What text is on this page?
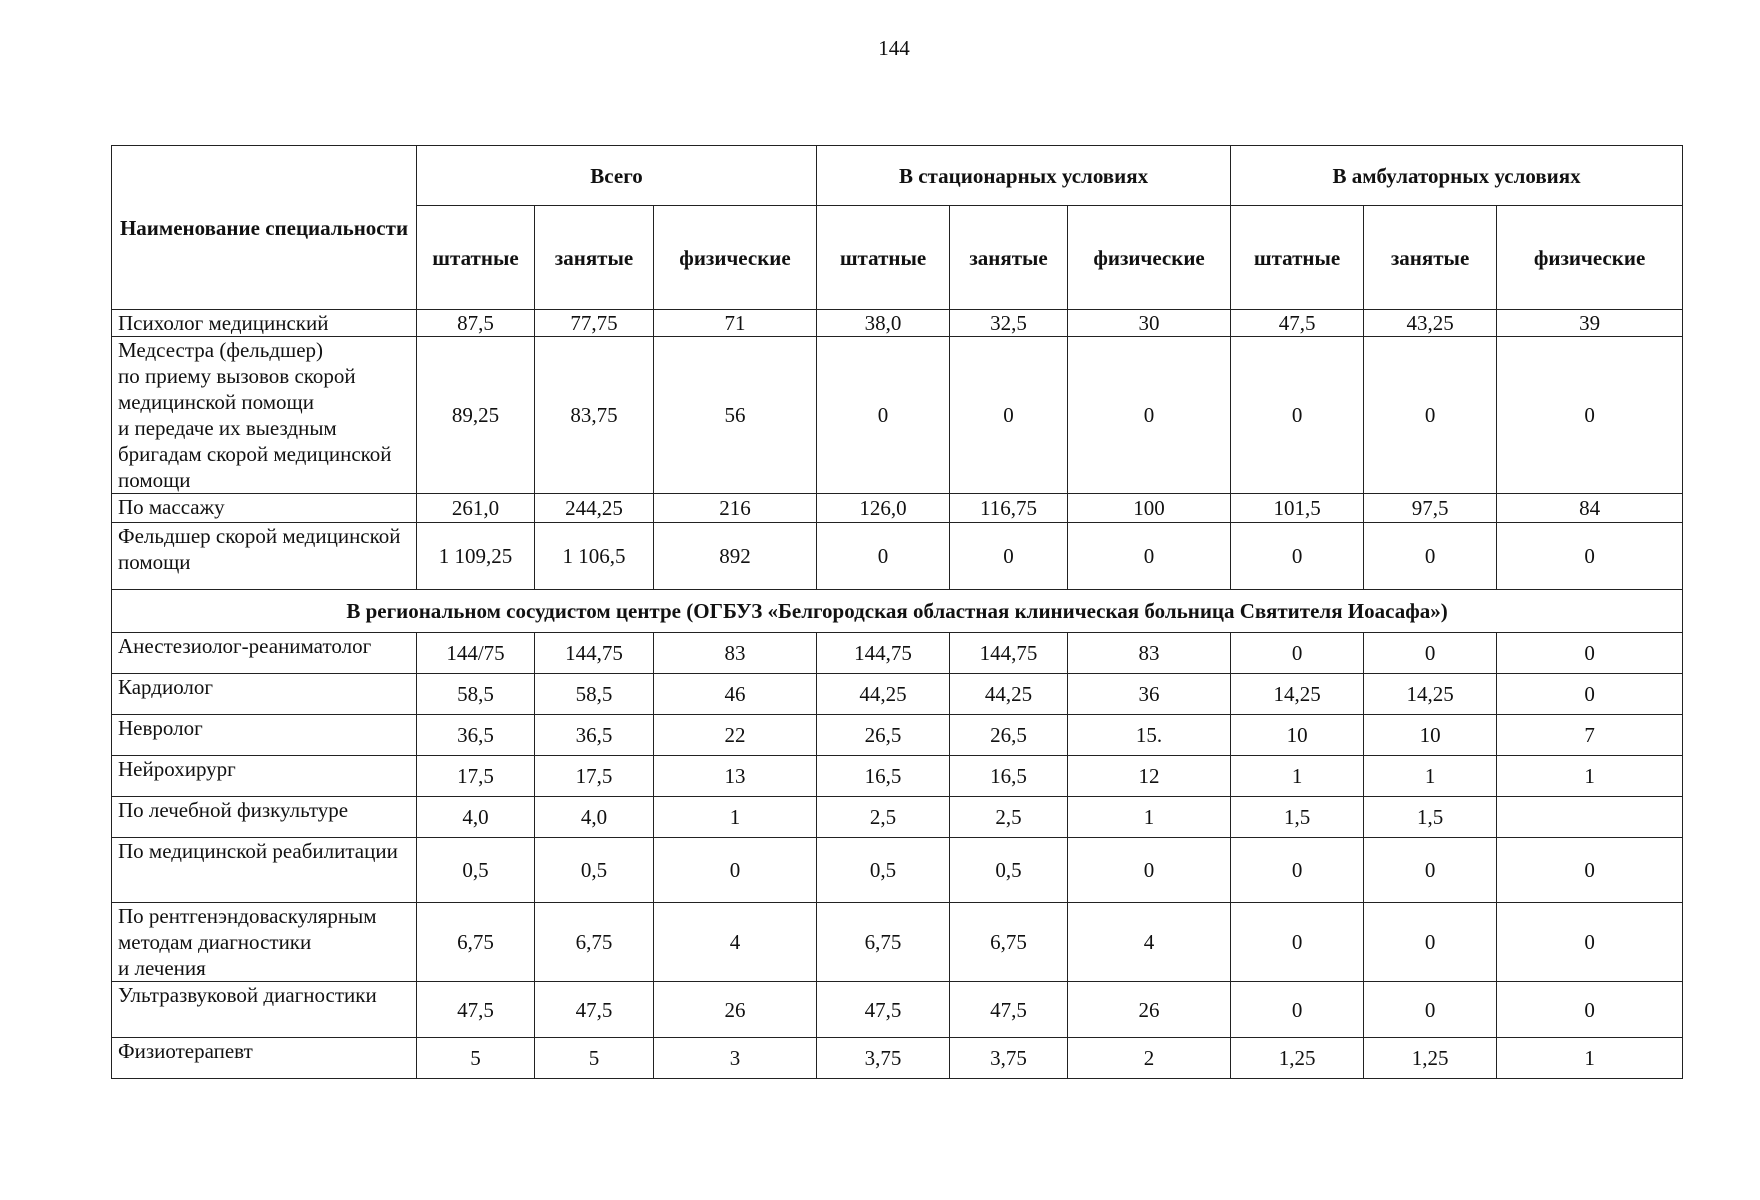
144
Наименование специальности	Всего			В стационарных условиях			В амбулаторных условиях		
	штатные	занятые	физические	штатные	занятые	физические	штатные	занятые	физические
Психолог медицинский	87,5	77,75	71	38,0	32,5	30	47,5	43,25	39
Медсестра (фельдшер)
по приему вызовов скорой медицинской помощи
и передаче их выездным бригадам скорой медицинской помощи	89,25	83,75	56	0	0	0	0	0	0
По массажу	261,0	244,25	216	126,0	116,75	100	101,5	97,5	84
Фельдшер скорой медицинской помощи	1 109,25	1 106,5	892	0	0	0	0	0	0
В региональном сосудистом центре (ОГБУЗ «Белгородская областная клиническая больница Святителя Иоасафа»)									
Анестезиолог-реаниматолог	144/75	144,75	83	144,75	144,75	83	0	0	0
Кардиолог	58,5	58,5	46	44,25	44,25	36	14,25	14,25	0
Невролог	36,5	36,5	22	26,5	26,5	15.	10	10	7
Нейрохирург	17,5	17,5	13	16,5	16,5	12	1	1	1
По лечебной физкультуре	4,0	4,0	1	2,5	2,5	1	1,5	1,5	
По медицинской реабилитации	0,5	0,5	0	0,5	0,5	0	0	0	0
По рентгенэндоваскулярным методам диагностики
и лечения	6,75	6,75	4	6,75	6,75	4	0	0	0
Ультразвуковой диагностики	47,5	47,5	26	47,5	47,5	26	0	0	0
Физиотерапевт	5	5	3	3,75	3,75	2	1,25	1,25	1
